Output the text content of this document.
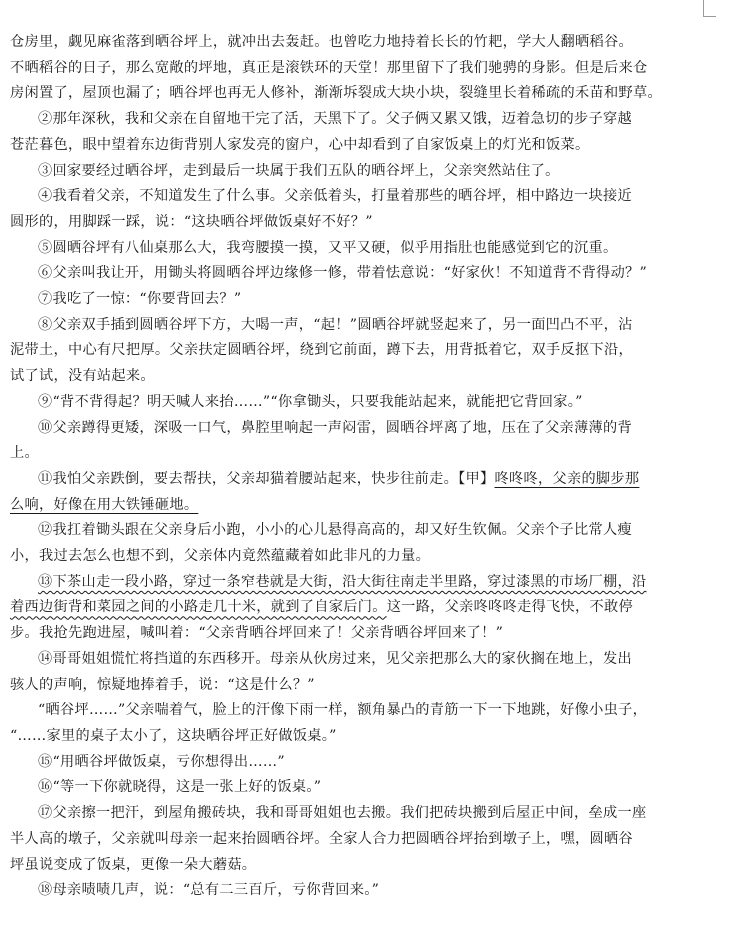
仓房里，觑见麻雀落到晒谷坪上，就冲出去轰赶。也曾吃力地持着长长的竹耙，学大人翻晒稻谷。

不晒稻谷的日子，那么宽敞的坪地，真正是滚铁环的天堂！那里留下了我们驰骋的身影。但是后来仓

房闲置了，屋顶也漏了；晒谷坪也再无人修补，渐渐坼裂成大块小块，裂缝里长着稀疏的禾苗和野草。

②那年深秋，我和父亲在自留地干完了活，天黑下了。父子俩又累又饿，迈着急切的步子穿越

苍茫暮色，眼中望着东边街背别人家发亮的窗户，心中却看到了自家饭桌上的灯光和饭菜。

③回家要经过晒谷坪，走到最后一块属于我们五队的晒谷坪上，父亲突然站住了。

④我看着父亲，不知道发生了什么事。父亲低着头，打量着那些的晒谷坪，相中路边一块接近

圆形的，用脚踩一踩，说：“这块晒谷坪做饭桌好不好？”

⑤圆晒谷坪有八仙桌那么大，我弯腰摸一摸，又平又硬，似乎用指肚也能感觉到它的沉重。

⑥父亲叫我让开，用锄头将圆晒谷坪边缘修一修，带着怯意说：“好家伙！不知道背不背得动？”

⑦我吃了一惊：“你要背回去？”

⑧父亲双手插到圆晒谷坪下方，大喝一声，“起！”圆晒谷坪就竖起来了，另一面凹凸不平，沾

泥带土，中心有尺把厚。父亲扶定圆晒谷坪，绕到它前面，蹲下去，用背抵着它，双手反抠下沿，

试了试，没有站起来。

⑨“背不背得起？明天喊人来抬……”“你拿锄头，只要我能站起来，就能把它背回家。”

⑩父亲蹲得更矮，深吸一口气，鼻腔里响起一声闷雷，圆晒谷坪离了地，压在了父亲薄薄的背

上。

⑪我怕父亲跌倒，要去帮扶，父亲却猫着腰站起来，快步往前走。【甲】咚咚咚，父亲的脚步那

么响，好像在用大铁锤砸地。

⑫我扛着锄头跟在父亲身后小跑，小小的心儿悬得高高的，却又好生钦佩。父亲个子比常人瘦

小，我过去怎么也想不到，父亲体内竟然蕴藏着如此非凡的力量。

⑬下茶山走一段小路，穿过一条窄巷就是大街，沿大街往南走半里路，穿过漆黑的市场厂棚，沿

着西边街背和菜园之间的小路走几十米，就到了自家后门。这一路，父亲咚咚咚走得飞快，不敢停

步。我抢先跑进屋，喊叫着：“父亲背晒谷坪回来了！父亲背晒谷坪回来了！”

⑭哥哥姐姐慌忙将挡道的东西移开。母亲从伙房过来，见父亲把那么大的家伙搁在地上，发出

骇人的声响，惊疑地捧着手，说：“这是什么？”

“晒谷坪……”父亲喘着气，脸上的汗像下雨一样，额角暴凸的青筋一下一下地跳，好像小虫子，

“……家里的桌子太小了，这块晒谷坪正好做饭桌。”

⑮“用晒谷坪做饭桌，亏你想得出……”

⑯“等一下你就晓得，这是一张上好的饭桌。”

⑰父亲擦一把汗，到屋角搬砖块，我和哥哥姐姐也去搬。我们把砖块搬到后屋正中间，垒成一座

半人高的墩子，父亲就叫母亲一起来抬圆晒谷坪。全家人合力把圆晒谷坪抬到墩子上，嘿，圆晒谷

坪虽说变成了饭桌，更像一朵大蘑菇。

⑱母亲啧啧几声，说：“总有二三百斤，亏你背回来。”
